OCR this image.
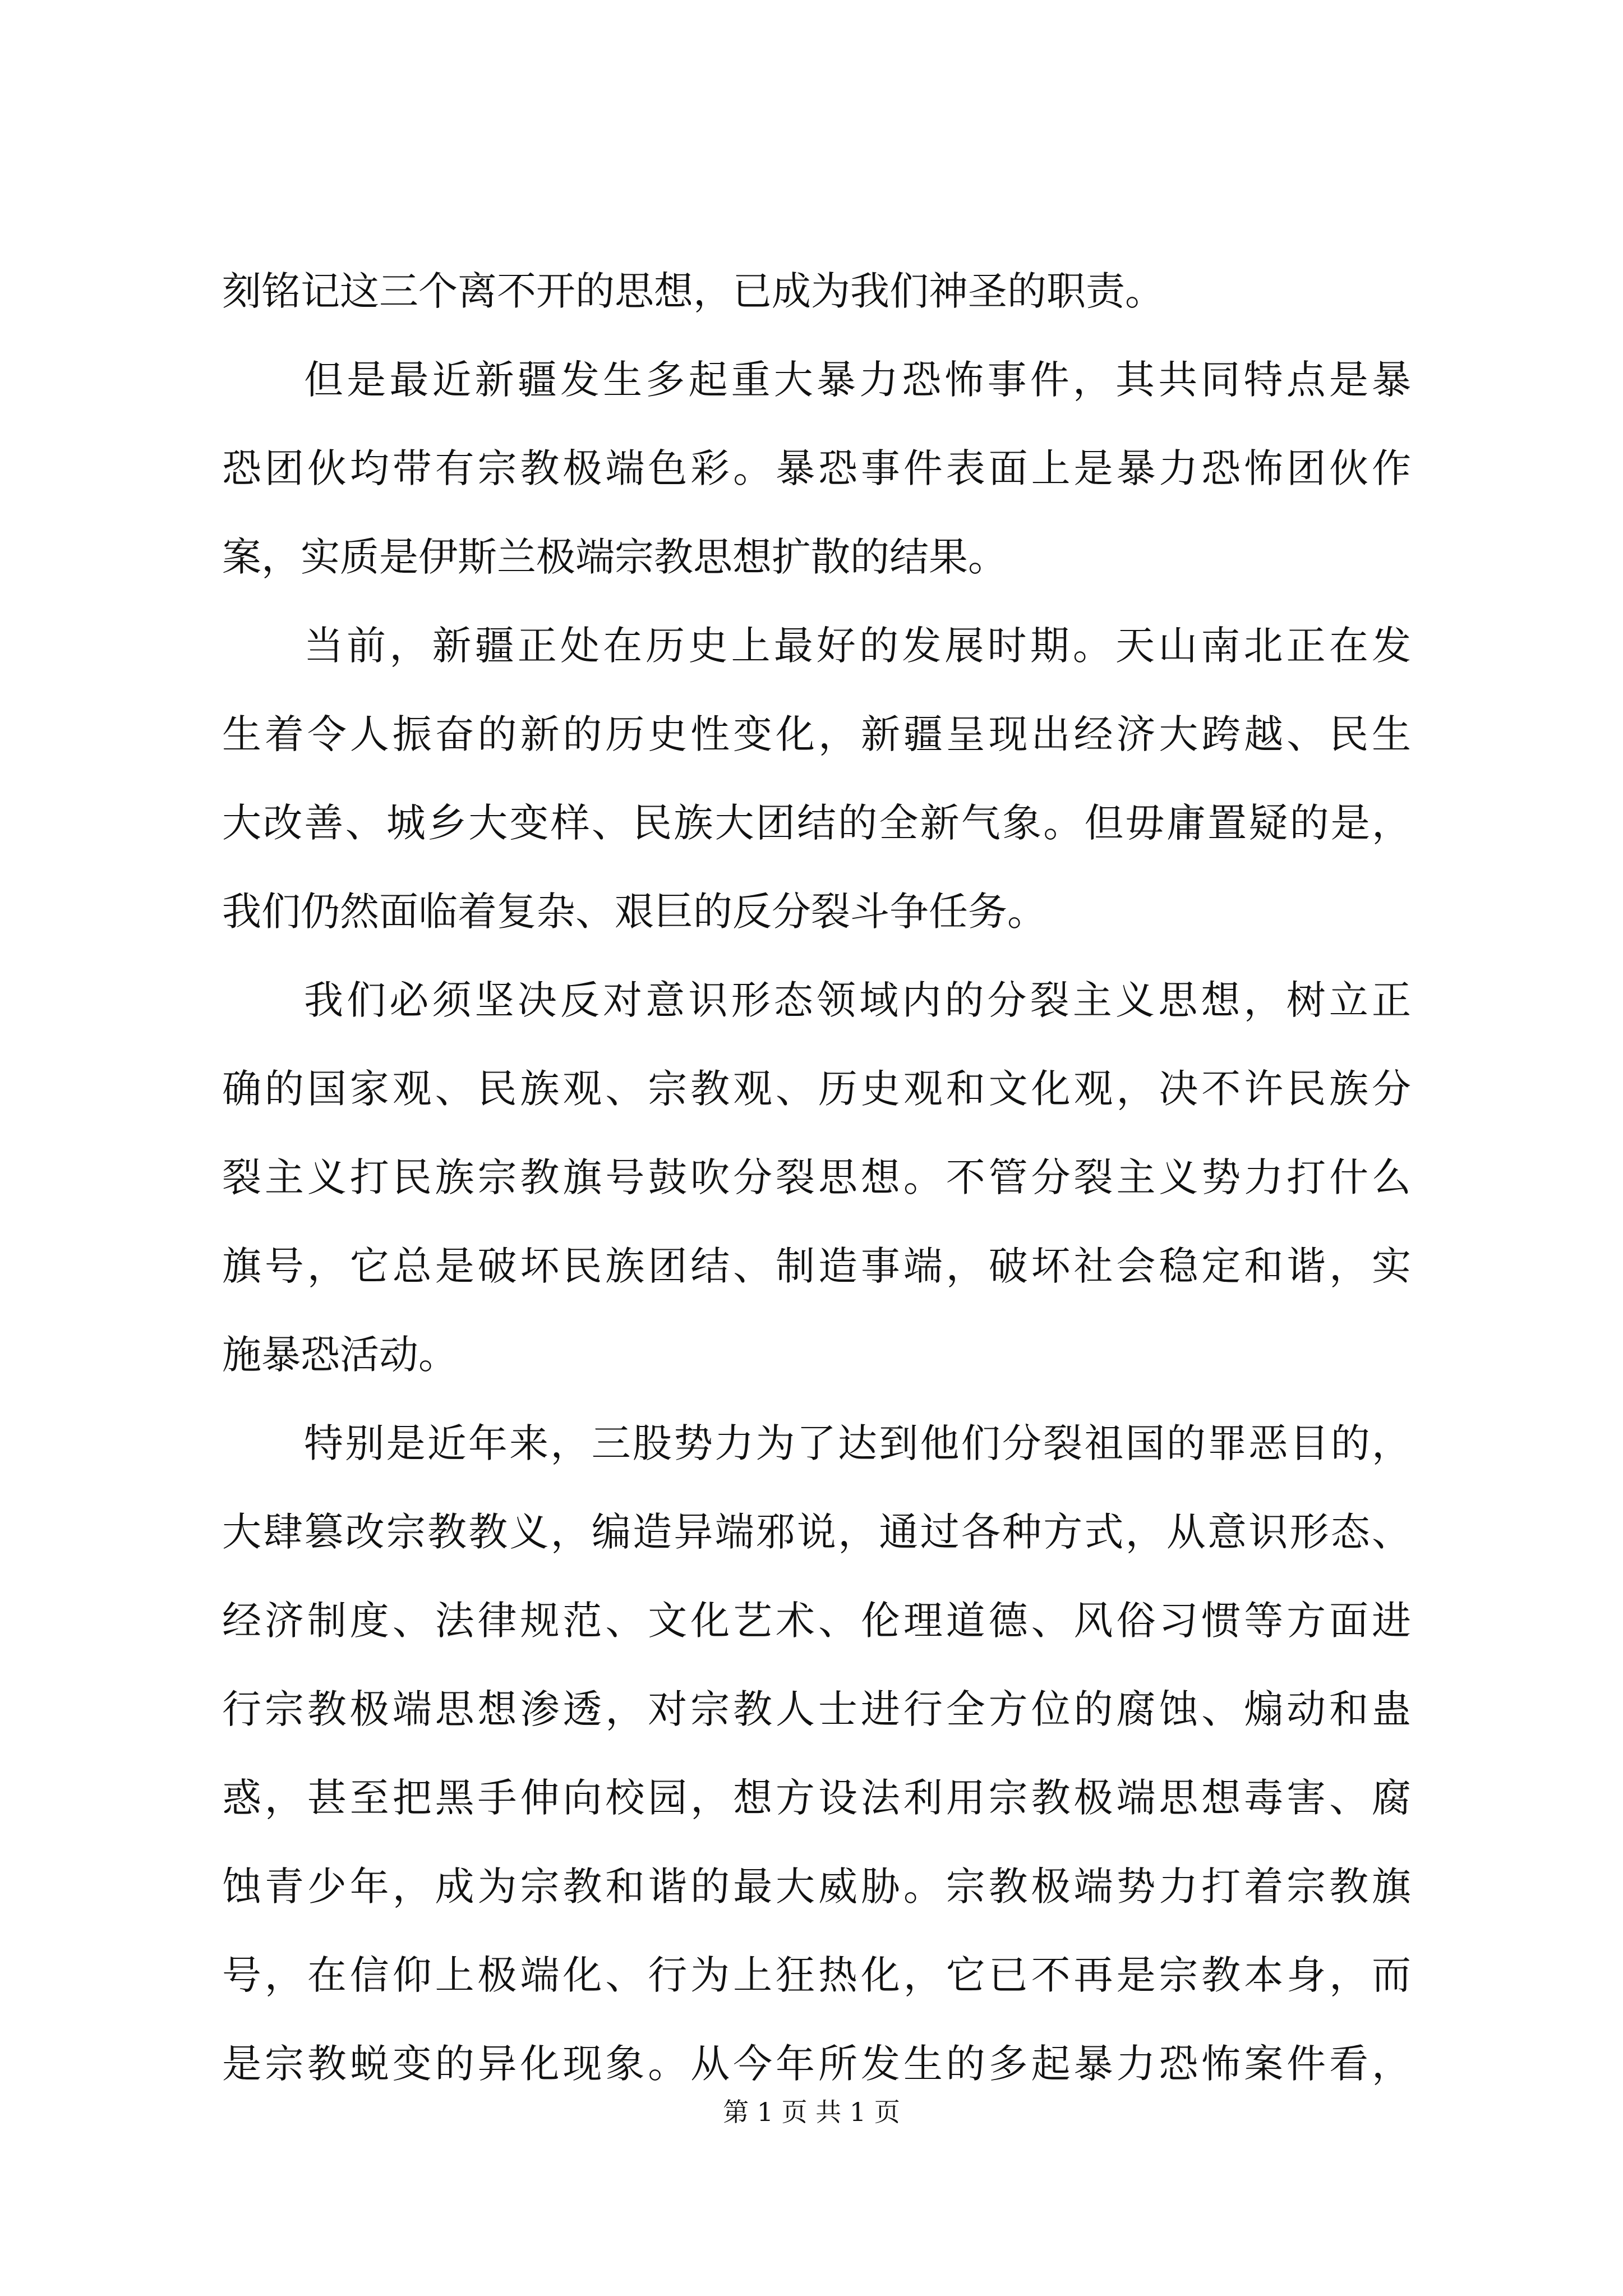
刻铭记这三个离不开的思想，已成为我们神圣的职责。
但是最近新疆发生多起重大暴力恐怖事件，其共同特点是暴
恐团伙均带有宗教极端色彩。暴恐事件表面上是暴力恐怖团伙作
案，实质是伊斯兰极端宗教思想扩散的结果。
当前，新疆正处在历史上最好的发展时期。天山南北正在发
生着令人振奋的新的历史性变化，新疆呈现出经济大跨越、民生
大改善、城乡大变样、民族大团结的全新气象。但毋庸置疑的是，
我们仍然面临着复杂、艰巨的反分裂斗争任务。
我们必须坚决反对意识形态领域内的分裂主义思想，树立正
确的国家观、民族观、宗教观、历史观和文化观，决不许民族分
裂主义打民族宗教旗号鼓吹分裂思想。不管分裂主义势力打什么
旗号，它总是破坏民族团结、制造事端，破坏社会稳定和谐，实
施暴恐活动。
特别是近年来，三股势力为了达到他们分裂祖国的罪恶目的，
大肆篡改宗教教义，编造异端邪说，通过各种方式，从意识形态、
经济制度、法律规范、文化艺术、伦理道德、风俗习惯等方面进
行宗教极端思想渗透，对宗教人士进行全方位的腐蚀、煽动和蛊
惑，甚至把黑手伸向校园，想方设法利用宗教极端思想毒害、腐
蚀青少年，成为宗教和谐的最大威胁。宗教极端势力打着宗教旗
号，在信仰上极端化、行为上狂热化，它已不再是宗教本身，而
是宗教蜕变的异化现象。从今年所发生的多起暴力恐怖案件看，
第 1 页 共 1 页
